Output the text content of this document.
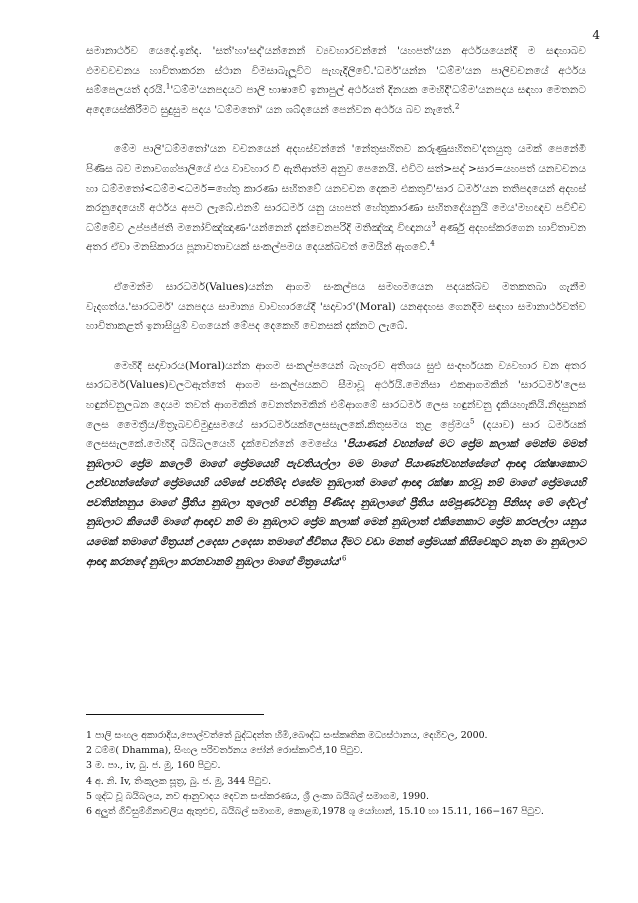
4

සමානාර්ථව යෙදේ.ඉන්ද. 'සත්'හා'සද්'යන්නෙන් ව්‍යවහාරවන්නේ 'යහපත්'යන අර්ථයයෙන්දී ම සඳහාබව ඵමවවචනය හාවිතාකරන ස්ථාන විමසාබැලූවිට පැහැදිලිවේ.'ධර්ම'යන්න 'ධම්ම'යන පාලිවචනයේ අර්ථය සම්පෙලයත් දරයි.$^1$'ධම්ම'යනපදයට පාලි භාෂාවේ ඉනාපුල් අර්ථයත් දිනයක මෙහිදී'ධම්ම'යනපදය සඳහා මෙතනට අදෙයෙස්කිරීමට සුදුසුම පදය 'ධම්මතෝ' යන ශබ්දයෙන් පෙන්වන අර්ථය බව නැතේ.$^2$

මේම පාලි'ධම්මතෝ'යන වචනයෙන් අදහස්වන්නේ 'නේතුසහිතව කරුණුසහිතව'දතයුතු යමක් පෙනේමී පිණිස බව මනාවගග්පාලියේ එය වාවහාර වී ඇතිආත්ම අනුව පෙනෙයි. එවිට සත්>සද් >සාර=යහපත් යනවචනය හා ධම්මතෝ<ධම්ම<ධර්ම=හේතු කාරණා සහිතවේ යනවචන දෙකම එකතුවී'සාර ධර්ම'යන තතිපදයෙන් අදහස් කරනුදෙයෙහි අර්ථය අපට ලැබේ.එනම් සාරධර්ම යනු යහපත් හේතුකාරණා සහිතදේයනුයි මෙය'මහඥව පවිච්ච ධම්මේව උප්පජ්ජති මනෝවිඤ්ඤාණං'යන්නෙන් දැක්වෙනපරිදි මතිඤ්ඤා විඥානය$^3$ අර්ණු අදහස්කරගෙන හාවිතාවන අතර ඒවා මනසිකාරය පූනාවතාවයක් සංකල්පමය දෙයක්බවත් මෙයින් ඇගවේ.$^4$

ඒමෙන්ම සාරධර්ම(Values)යන්න ආගම සංකල්පය සමඟමයෙන පදයක්බව මතකතබා ගැනීම වැදගත්ය.'සාරධර්ම' යනපදය සාමාන්‍ය වාවහාරයේදී 'සදාචාර'(Moral) යනඅදහස ගෙනදීම සඳහා සමානාර්ථවත්ව හාවිතාකළත් ඉනාසියුම් වගයෙන් මේපද දෙකෙහි වෙනසක් දක්නට ලැබේ.

මෙහිදී සදාචාරය(Moral)යන්න ආගම සංකල්පයෙන් බැහැරව අතිශය සුළු සංදර්භයක ව්‍යවහාර වන අතර සාරධර්ම(Values)වලටඇත්තේ ආගම සංකල්පයකට සීමාවූ අර්ථයි.මෙනිසා එකආගමකින් 'සාරධර්ම'ලෙස හඳුන්වනුලබන දෙයම තවත් ආගමකින් වෙනත්නමකින් එම්ආගමේ සාරධර්ම ලෙස හඳුන්වනු දැකියහැකියි.නිදසුනක් ලෙස මෛත්‍රීය/මිත්‍රැබවවිමුදුසමයේ සාරධර්මයක්ලෙසසැලකේ.කිතුසමය තුළ ප්‍රේමය$^5$ (දයාව) සාර ධර්මයක් ලෙසසැලකේ.මෙහිදී බයිබලයෙහි දැක්වෙන්නේ මෙසේය 'පියාණන් වහන්සේ මට ප්‍රේම කලාක් මෙන්ම මමත් නුඹලාට ප්‍රේම කලෙමි මාගේ ප්‍රේමයෙහි පැවතියල්ලා මම මාගේ පියාණන්වහන්සේගේ ආඥා රක්ෂාකොට උන්වහන්සේගේ ප්‍රේමයෙහි යම්සේ පවතිම්ද එසේම නුඹලාත් මාගේ ආඥා රක්ෂා කරවූ නම් මාගේ ප්‍රේමයෙහි පවතින්නනුය මාගේ ප්‍රීතිය නුඹලා තුලෙහි පවතිනු පිණිසද නුඹලාගේ ප්‍රීතිය සම්පූර්ණවනු පිනිසද මේ දේවල් නුඹලාට කියෙමි මාගේ ආඥාව නම් මා නුඹලාට ප්‍රේම කලාක් මෙන් නුඹලාත් එකිනෙකාට ප්‍රේම කරපල්ලා යනුය යමෙක් තමාගේ මිත්‍රයන් උදෙසා උදෙසා තමාගේ ජීවිතය දීමට වඩා මනත් ප්‍රේමයක් කිසිවෙකුට නැත මා නුඹලාට ආඥා කරනදේ නුඹලා කරනවානම් නුඹලා මාගේ $මිත්‍රයෝය'^6$

1 පාලි සංහල අකාරාදිය,පොල්වත්තේ බුද්ධදත්ත හිමි,බෞද්ධ සංස්කෘතික මධ්‍යස්ථානය, දෙහිවල, 2000.
2 ධම්ම( Dhamma), සිංහල පරිවර්තනය ජෝන් රොස්කාට්ජ්,10 පිටුව.
3 ම. පා., iv, බු. ජ. මු, 160 පිටුව.
4 අ. නි. Iv, තිංකුලක සූත්‍ර, බු. ජ. මු, 344 පිටුව.
5 ශුද්ධ වූ බයිබලය, නව ආනුවාදය දෙවන සංස්කරණය, ශ්‍රී ලංකා බයිබල් සමාගම, 1990.
6 අලුත් ගිවිසුම්ගිනාවලිය ඇතුළුව, බයිබල් සමාගම, කොළඹ,1978 ශු යෝහාන්, 15.10 හා 15.11, 166−167 පිටුව.
